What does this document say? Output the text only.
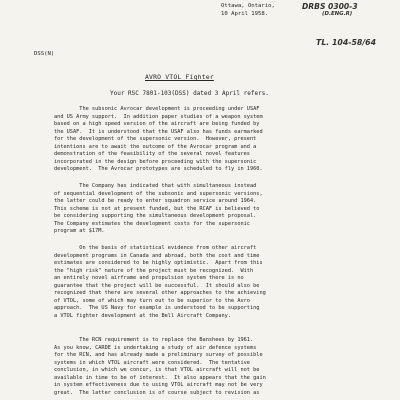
Ottawa, Ontario,
10 April 1958.
DRBS 0300-3
(D.ENG.R)
TL. 104-58/64
DSS(N)
AVRO VTOL Fighter
Your RSC 7801-103(DSS) dated 3 April refers.
The subsonic Avrocar development is proceeding under USAF
and US Army support.  In addition paper studies of a weapon system
based on a high speed version of the aircraft are being funded by
the USAF.  It is understood that the USAF also has funds earmarked
for the development of the supersonic version.  However, present
intentions are to await the outcome of the Avrocar program and a
demonstration of the feasibility of the several novel features
incorporated in the design before proceeding with the supersonic
development.  The Avrocar prototypes are scheduled to fly in 1960.
The Company has indicated that with simultaneous instead
of sequential development of the subsonic and supersonic versions,
the latter could be ready to enter squadron service around 1964.
This scheme is not at present funded, but the RCAF is believed to
be considering supporting the simultaneous development proposal.
The Company estimates the development costs for the supersonic
program at $17M.
On the basis of statistical evidence from other aircraft
development programs in Canada and abroad, both the cost and time
estimates are considered to be highly optimistic.  Apart from this
the "high risk" nature of the project must be recognized.  With
an entirely novel airframe and propulsion system there is no
guarantee that the project will be successful.  It should also be
recognized that there are several other approaches to the achieving
of VTOL, some of which may turn out to be superior to the Avro
approach.  The US Navy for example is understood to be supporting
a VTOL fighter development at the Bell Aircraft Company.
The RCN requirement is to replace the Banshees by 1961.
As you know, CARDE is undertaking a study of air defence systems
for the RCN, and has already made a preliminary survey of possible
systems in which VTOL aircraft were considered.  The tentative
conclusion, in which we concur, is that VTOL aircraft will not be
available in time to be of interest.  It also appears that the gain
in system effectiveness due to using VTOL aircraft may not be very
great.  The latter conclusion is of course subject to revision as
